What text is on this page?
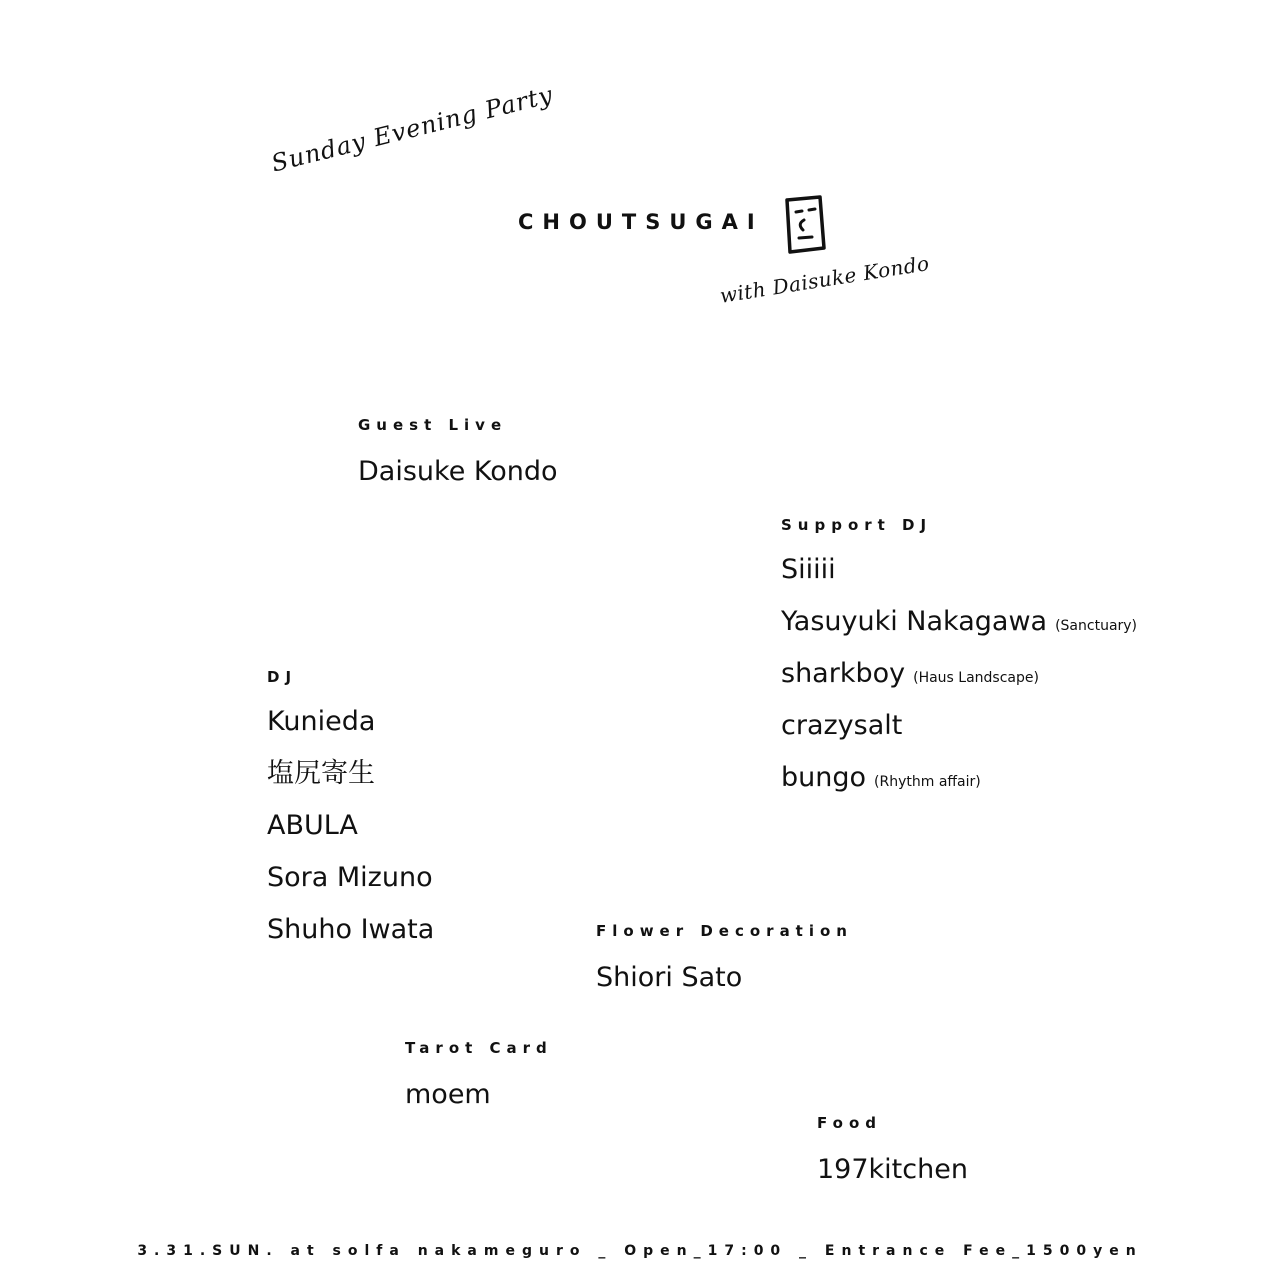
Sunday Evening Party
CHOUTSUGAI
with Daisuke Kondo
Guest Live
Daisuke Kondo
Support DJ
Siiiii
Yasuyuki Nakagawa (Sanctuary)
sharkboy (Haus Landscape)
crazysalt
bungo (Rhythm affair)
DJ
Kunieda
塩尻寄生
ABULA
Sora Mizuno
Shuho Iwata	Flower Decoration
Shiori Sato
Tarot Card
moem
Food
197kitchen
3.31.SUN. at solfa nakameguro _ Open_17:00 _ Entrance Fee_1500yen
